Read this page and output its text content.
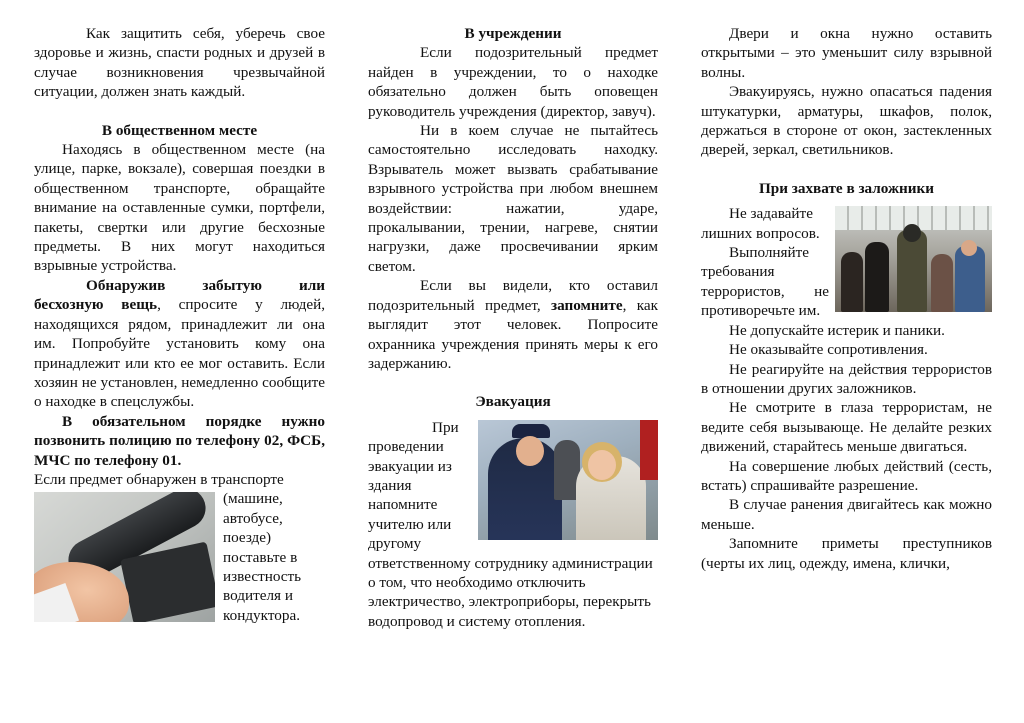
Как защитить себя, уберечь свое здоровье и жизнь, спасти родных и друзей в случае возникновения чрезвычайной ситуации, должен знать каждый.

В общественном месте

Находясь в общественном месте (на улице, парке, вокзале), совершая поездки в общественном транспорте, обращайте внимание на оставленные сумки, портфели, пакеты, свертки или другие бесхозные предметы. В них могут находиться взрывные устройства.

Обнаружив забытую или бесхозную вещь, спросите у людей, находящихся рядом, принадлежит ли она им. Попробуйте установить кому она принадлежит или кто ее мог оставить. Если хозяин не установлен, немедленно сообщите о находке в спецслужбы.

В обязательном порядке нужно позвонить полицию по телефону 02, ФСБ, МЧС по телефону 01.

Если предмет обнаружен в транспорте

(машине, автобусе, поезде) поставьте в известность водителя и кондуктора.

В учреждении

Если подозрительный предмет найден в учреждении, то о находке обязательно должен быть оповещен руководитель учреждения (директор, завуч).

Ни в коем случае не пытайтесь самостоятельно исследовать находку. Взрыватель может вызвать срабатывание взрывного устройства при любом внешнем воздействии: нажатии, ударе, прокалывании, трении, нагреве, снятии нагрузки, даже просвечивании ярким светом.

Если вы видели, кто оставил подозрительный предмет, запомните, как выглядит этот человек. Попросите охранника учреждения принять меры к его задержанию.

Эвакуация

При проведении эвакуации из здания напомните учителю или другому ответственному сотруднику администрации о том, что необходимо отключить электричество, электроприборы, перекрыть водопровод и систему отопления.

Двери и окна нужно оставить открытыми – это уменьшит силу взрывной волны.

Эвакуируясь, нужно опасаться падения штукатурки, арматуры, шкафов, полок, держаться в стороне от окон, застекленных дверей, зеркал, светильников.

При захвате в заложники

Не задавайте лишних вопросов.

Выполняйте требования террористов, не противоречьте им.

Не допускайте истерик и паники.

Не оказывайте сопротивления.

Не реагируйте на действия террористов в отношении других заложников.

Не смотрите в глаза террористам, не ведите себя вызывающе. Не делайте резких движений, старайтесь меньше двигаться.

На совершение любых действий (сесть, встать) спрашивайте разрешение.

В случае ранения двигайтесь как можно меньше.

Запомните приметы преступников (черты их лиц, одежду, имена, клички,
